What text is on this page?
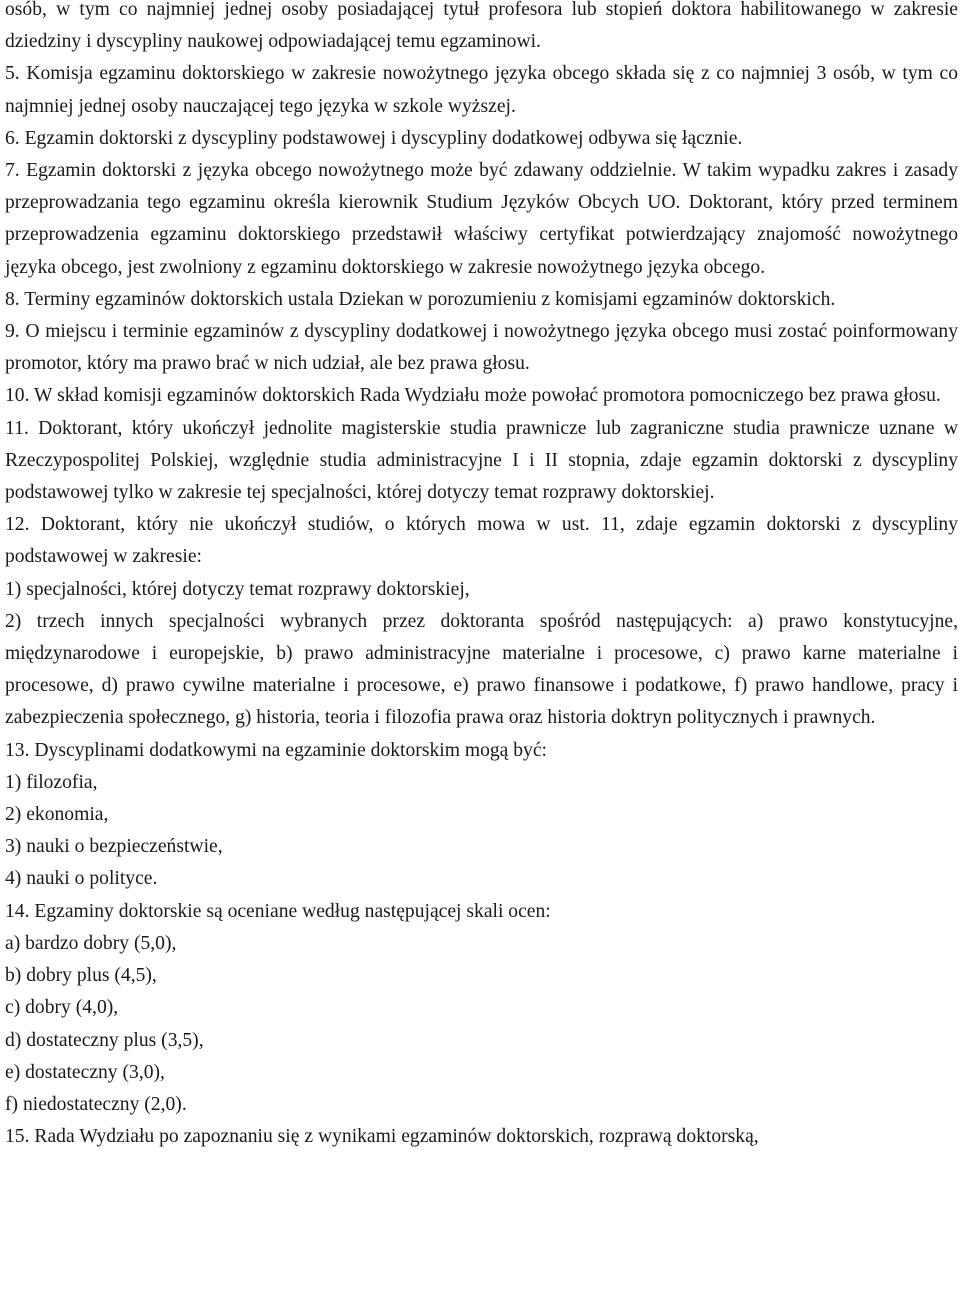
osób, w tym co najmniej jednej osoby posiadającej tytuł profesora lub stopień doktora habilitowanego w zakresie dziedziny i dyscypliny naukowej odpowiadającej temu egzaminowi.

5. Komisja egzaminu doktorskiego w zakresie nowożytnego języka obcego składa się z co najmniej 3 osób, w tym co najmniej jednej osoby nauczającej tego języka w szkole wyższej.

6. Egzamin doktorski z dyscypliny podstawowej i dyscypliny dodatkowej odbywa się łącznie.

7. Egzamin doktorski z języka obcego nowożytnego może być zdawany oddzielnie. W takim wypadku zakres i zasady przeprowadzania tego egzaminu określa kierownik Studium Języków Obcych UO. Doktorant, który przed terminem przeprowadzenia egzaminu doktorskiego przedstawił właściwy certyfikat potwierdzający znajomość nowożytnego języka obcego, jest zwolniony z egzaminu doktorskiego w zakresie nowożytnego języka obcego.

8. Terminy egzaminów doktorskich ustala Dziekan w porozumieniu z komisjami egzaminów doktorskich.

9. O miejscu i terminie egzaminów z dyscypliny dodatkowej i nowożytnego języka obcego musi zostać poinformowany promotor, który ma prawo brać w nich udział, ale bez prawa głosu.

10. W skład komisji egzaminów doktorskich Rada Wydziału może powołać promotora pomocniczego bez prawa głosu.

11. Doktorant, który ukończył jednolite magisterskie studia prawnicze lub zagraniczne studia prawnicze uznane w Rzeczypospolitej Polskiej, względnie studia administracyjne I i II stopnia, zdaje egzamin doktorski z dyscypliny podstawowej tylko w zakresie tej specjalności, której dotyczy temat rozprawy doktorskiej.

12. Doktorant, który nie ukończył studiów, o których mowa w ust. 11, zdaje egzamin doktorski z dyscypliny podstawowej w zakresie:

1) specjalności, której dotyczy temat rozprawy doktorskiej,

2) trzech innych specjalności wybranych przez doktoranta spośród następujących: a) prawo konstytucyjne, międzynarodowe i europejskie, b) prawo administracyjne materialne i procesowe, c) prawo karne materialne i procesowe, d) prawo cywilne materialne i procesowe, e) prawo finansowe i podatkowe, f) prawo handlowe, pracy i zabezpieczenia społecznego, g) historia, teoria i filozofia prawa oraz historia doktryn politycznych i prawnych.

13. Dyscyplinami dodatkowymi na egzaminie doktorskim mogą być:

1) filozofia,

2) ekonomia,

3) nauki o bezpieczeństwie,

4) nauki o polityce.

14. Egzaminy doktorskie są oceniane według następującej skali ocen:

a) bardzo dobry (5,0),

b) dobry plus (4,5),

c) dobry (4,0),

d) dostateczny plus (3,5),

e) dostateczny (3,0),

f) niedostateczny (2,0).

15. Rada Wydziału po zapoznaniu się z wynikami egzaminów doktorskich, rozprawą doktorską,
